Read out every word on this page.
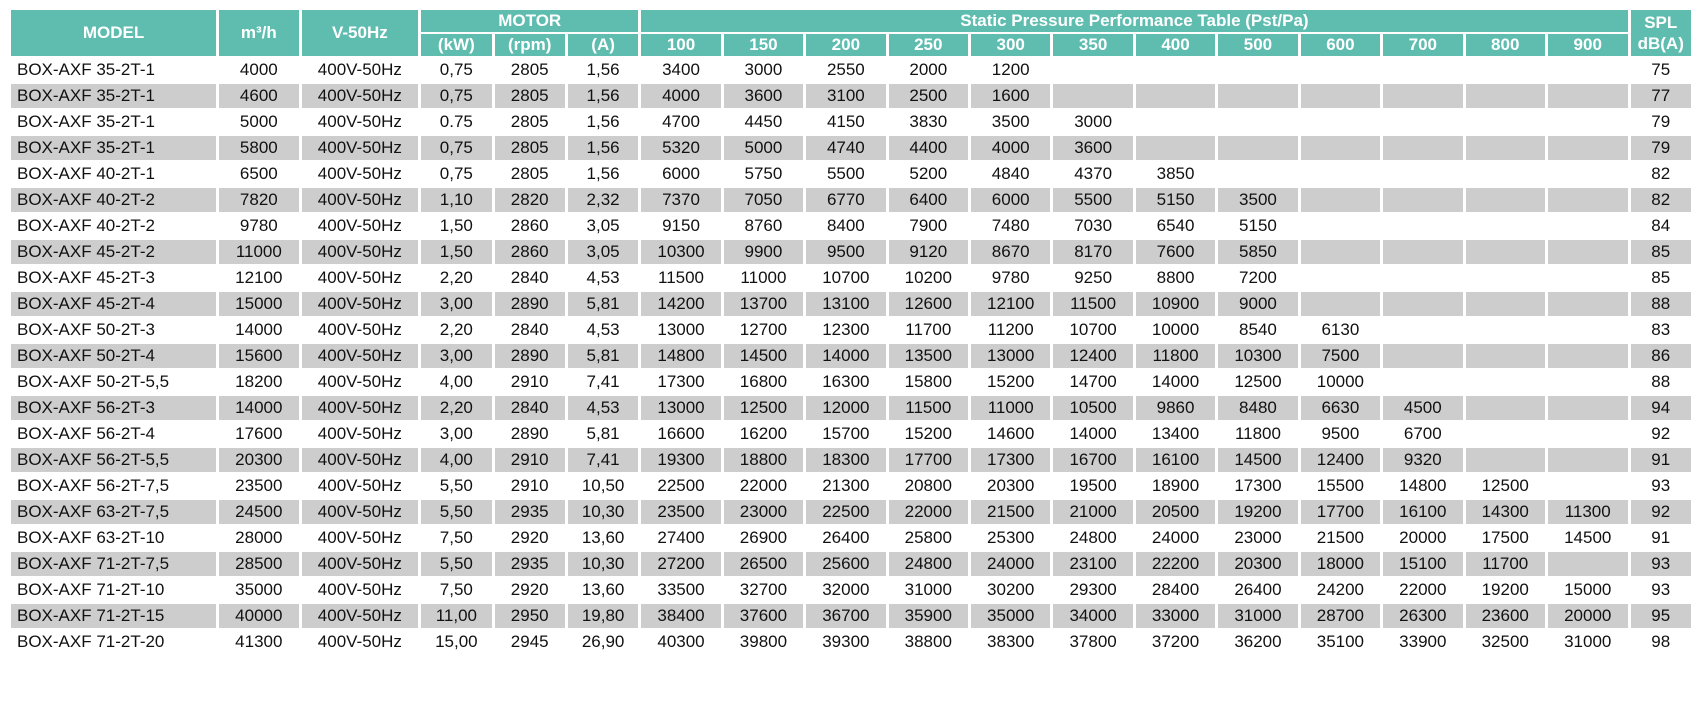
MODEL	m³/h	V-50Hz	MOTOR			Static Pressure Performance Table (Pst/Pa)												SPL
dB(A)
			(kW)	(rpm)	(A)	100	150	200	250	300	350	400	500	600	700	800	900	
BOX-AXF 35-2T-1	4000	400V-50Hz	0,75	2805	1,56	3400	3000	2550	2000	1200								75
BOX-AXF 35-2T-1	4600	400V-50Hz	0,75	2805	1,56	4000	3600	3100	2500	1600								77
BOX-AXF 35-2T-1	5000	400V-50Hz	0.75	2805	1,56	4700	4450	4150	3830	3500	3000							79
BOX-AXF 35-2T-1	5800	400V-50Hz	0,75	2805	1,56	5320	5000	4740	4400	4000	3600							79
BOX-AXF 40-2T-1	6500	400V-50Hz	0,75	2805	1,56	6000	5750	5500	5200	4840	4370	3850						82
BOX-AXF 40-2T-2	7820	400V-50Hz	1,10	2820	2,32	7370	7050	6770	6400	6000	5500	5150	3500					82
BOX-AXF 40-2T-2	9780	400V-50Hz	1,50	2860	3,05	9150	8760	8400	7900	7480	7030	6540	5150					84
BOX-AXF 45-2T-2	11000	400V-50Hz	1,50	2860	3,05	10300	9900	9500	9120	8670	8170	7600	5850					85
BOX-AXF 45-2T-3	12100	400V-50Hz	2,20	2840	4,53	11500	11000	10700	10200	9780	9250	8800	7200					85
BOX-AXF 45-2T-4	15000	400V-50Hz	3,00	2890	5,81	14200	13700	13100	12600	12100	11500	10900	9000					88
BOX-AXF 50-2T-3	14000	400V-50Hz	2,20	2840	4,53	13000	12700	12300	11700	11200	10700	10000	8540	6130				83
BOX-AXF 50-2T-4	15600	400V-50Hz	3,00	2890	5,81	14800	14500	14000	13500	13000	12400	11800	10300	7500				86
BOX-AXF 50-2T-5,5	18200	400V-50Hz	4,00	2910	7,41	17300	16800	16300	15800	15200	14700	14000	12500	10000				88
BOX-AXF 56-2T-3	14000	400V-50Hz	2,20	2840	4,53	13000	12500	12000	11500	11000	10500	9860	8480	6630	4500			94
BOX-AXF 56-2T-4	17600	400V-50Hz	3,00	2890	5,81	16600	16200	15700	15200	14600	14000	13400	11800	9500	6700			92
BOX-AXF 56-2T-5,5	20300	400V-50Hz	4,00	2910	7,41	19300	18800	18300	17700	17300	16700	16100	14500	12400	9320			91
BOX-AXF 56-2T-7,5	23500	400V-50Hz	5,50	2910	10,50	22500	22000	21300	20800	20300	19500	18900	17300	15500	14800	12500		93
BOX-AXF 63-2T-7,5	24500	400V-50Hz	5,50	2935	10,30	23500	23000	22500	22000	21500	21000	20500	19200	17700	16100	14300	11300	92
BOX-AXF 63-2T-10	28000	400V-50Hz	7,50	2920	13,60	27400	26900	26400	25800	25300	24800	24000	23000	21500	20000	17500	14500	91
BOX-AXF 71-2T-7,5	28500	400V-50Hz	5,50	2935	10,30	27200	26500	25600	24800	24000	23100	22200	20300	18000	15100	11700		93
BOX-AXF 71-2T-10	35000	400V-50Hz	7,50	2920	13,60	33500	32700	32000	31000	30200	29300	28400	26400	24200	22000	19200	15000	93
BOX-AXF 71-2T-15	40000	400V-50Hz	11,00	2950	19,80	38400	37600	36700	35900	35000	34000	33000	31000	28700	26300	23600	20000	95
BOX-AXF 71-2T-20	41300	400V-50Hz	15,00	2945	26,90	40300	39800	39300	38800	38300	37800	37200	36200	35100	33900	32500	31000	98
